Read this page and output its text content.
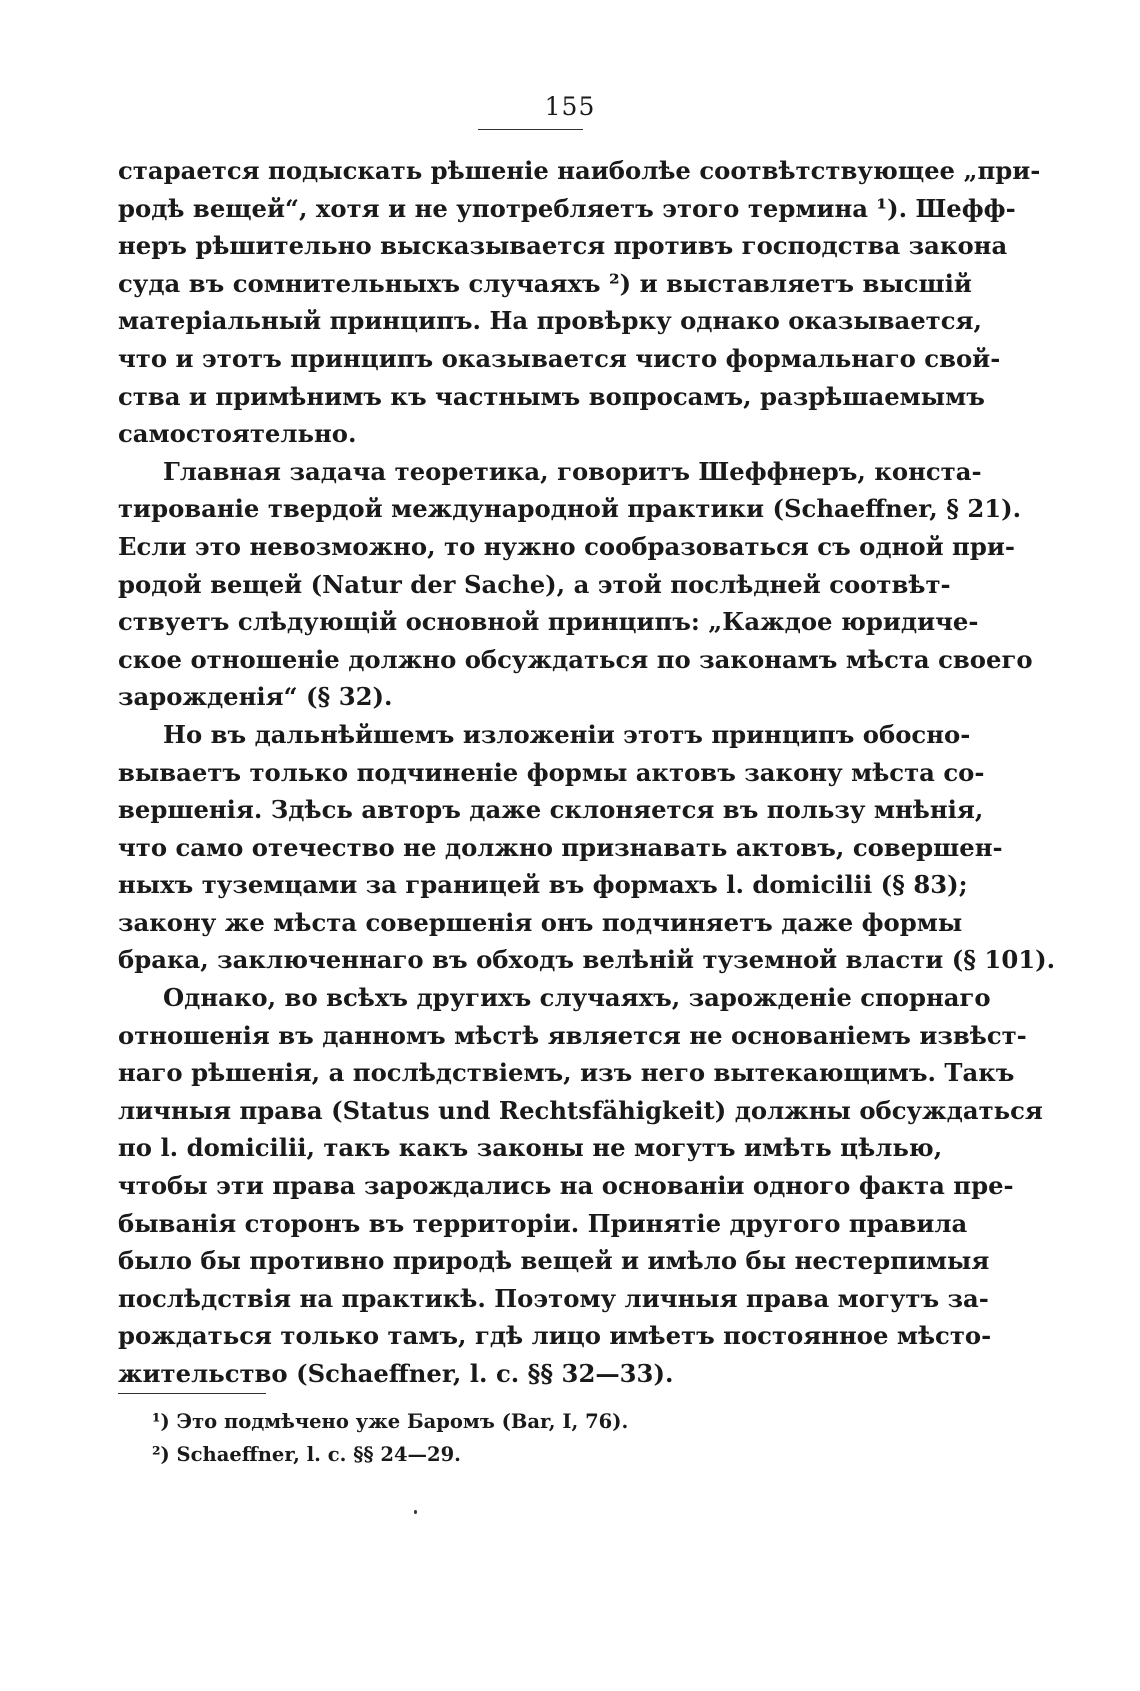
155
старается подыскать рѣшеніе наиболѣе соотвѣтствующее „при-
родѣ вещей“, хотя и не употребляетъ этого термина ¹). Шефф-
неръ рѣшительно высказывается противъ господства закона
суда въ сомнительныхъ случаяхъ ²) и выставляетъ высшій
матеріальный принципъ. На провѣрку однако оказывается,
что и этотъ принципъ оказывается чисто формальнаго свой-
ства и примѣнимъ къ частнымъ вопросамъ, разрѣшаемымъ
самостоятельно.
Главная задача теоретика, говоритъ Шеффнеръ, конста-
тированіе твердой международной практики (Schaeffner, § 21).
Если это невозможно, то нужно сообразоваться съ одной при-
родой вещей (Natur der Sache), а этой послѣдней соотвѣт-
ствуетъ слѣдующій основной принципъ: „Каждое юридиче-
ское отношеніе должно обсуждаться по законамъ мѣста своего
зарожденія“ (§ 32).
Но въ дальнѣйшемъ изложеніи этотъ принципъ обосно-
вываетъ только подчиненіе формы актовъ закону мѣста со-
вершенія. Здѣсь авторъ даже склоняется въ пользу мнѣнія,
что само отечество не должно признавать актовъ, совершен-
ныхъ туземцами за границей въ формахъ l. domicilii (§ 83);
закону же мѣста совершенія онъ подчиняетъ даже формы
брака, заключеннаго въ обходъ велѣній туземной власти (§ 101).
Однако, во всѣхъ другихъ случаяхъ, зарожденіе спорнаго
отношенія въ данномъ мѣстѣ является не основаніемъ извѣст-
наго рѣшенія, а послѣдствіемъ, изъ него вытекающимъ. Такъ
личныя права (Status und Rechtsfähigkeit) должны обсуждаться
по l. domicilii, такъ какъ законы не могутъ имѣть цѣлью,
чтобы эти права зарождались на основаніи одного факта пре-
быванія сторонъ въ территоріи. Принятіе другого правила
было бы противно природѣ вещей и имѣло бы нестерпимыя
послѣдствія на практикѣ. Поэтому личныя права могутъ за-
рождаться только тамъ, гдѣ лицо имѣетъ постоянное мѣсто-
жительство (Schaeffner, l. c. §§ 32—33).
¹) Это подмѣчено уже Баромъ (Bar, I, 76).
²) Schaeffner, l. c. §§ 24—29.
